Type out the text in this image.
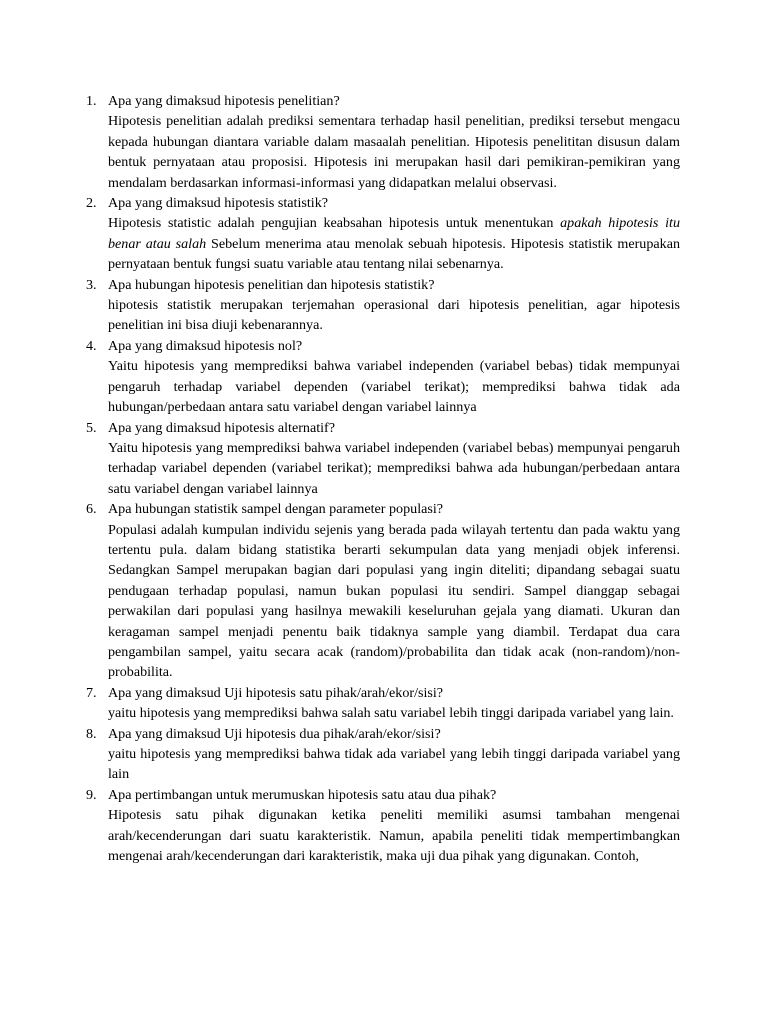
1. Apa yang dimaksud hipotesis penelitian?
Hipotesis penelitian adalah prediksi sementara terhadap hasil penelitian, prediksi tersebut mengacu kepada hubungan diantara variable dalam masaalah penelitian. Hipotesis penelititan disusun dalam bentuk pernyataan atau proposisi. Hipotesis ini merupakan hasil dari pemikiran-pemikiran yang mendalam berdasarkan informasi-informasi yang didapatkan melalui observasi.
2. Apa yang dimaksud hipotesis statistik?
Hipotesis statistic adalah pengujian keabsahan hipotesis untuk menentukan apakah hipotesis itu benar atau salah Sebelum menerima atau menolak sebuah hipotesis. Hipotesis statistik merupakan pernyataan bentuk fungsi suatu variable atau tentang nilai sebenarnya.
3. Apa hubungan hipotesis penelitian dan hipotesis statistik?
hipotesis statistik merupakan terjemahan operasional dari hipotesis penelitian, agar hipotesis penelitian ini bisa diuji kebenarannya.
4. Apa yang dimaksud hipotesis nol?
Yaitu hipotesis yang memprediksi bahwa variabel independen (variabel bebas) tidak mempunyai pengaruh terhadap variabel dependen (variabel terikat); memprediksi bahwa tidak ada hubungan/perbedaan antara satu variabel dengan variabel lainnya
5. Apa yang dimaksud hipotesis alternatif?
Yaitu hipotesis yang memprediksi bahwa variabel independen (variabel bebas) mempunyai pengaruh terhadap variabel dependen (variabel terikat); memprediksi bahwa ada hubungan/perbedaan antara satu variabel dengan variabel lainnya
6. Apa hubungan statistik sampel dengan parameter populasi?
Populasi adalah kumpulan individu sejenis yang berada pada wilayah tertentu dan pada waktu yang tertentu pula. dalam bidang statistika berarti sekumpulan data yang menjadi objek inferensi. Sedangkan Sampel merupakan bagian dari populasi yang ingin diteliti; dipandang sebagai suatu pendugaan terhadap populasi, namun bukan populasi itu sendiri. Sampel dianggap sebagai perwakilan dari populasi yang hasilnya mewakili keseluruhan gejala yang diamati. Ukuran dan keragaman sampel menjadi penentu baik tidaknya sample yang diambil. Terdapat dua cara pengambilan sampel, yaitu secara acak (random)/probabilita dan tidak acak (non-random)/non-probabilita.
7. Apa yang dimaksud Uji hipotesis satu pihak/arah/ekor/sisi?
yaitu hipotesis yang memprediksi bahwa salah satu variabel lebih tinggi daripada variabel yang lain.
8. Apa yang dimaksud Uji hipotesis dua pihak/arah/ekor/sisi?
yaitu hipotesis yang memprediksi bahwa tidak ada variabel yang lebih tinggi daripada variabel yang lain
9. Apa pertimbangan untuk merumuskan hipotesis satu atau dua pihak?
Hipotesis satu pihak digunakan ketika peneliti memiliki asumsi tambahan mengenai arah/kecenderungan dari suatu karakteristik. Namun, apabila peneliti tidak mempertimbangkan mengenai arah/kecenderungan dari karakteristik, maka uji dua pihak yang digunakan. Contoh,
